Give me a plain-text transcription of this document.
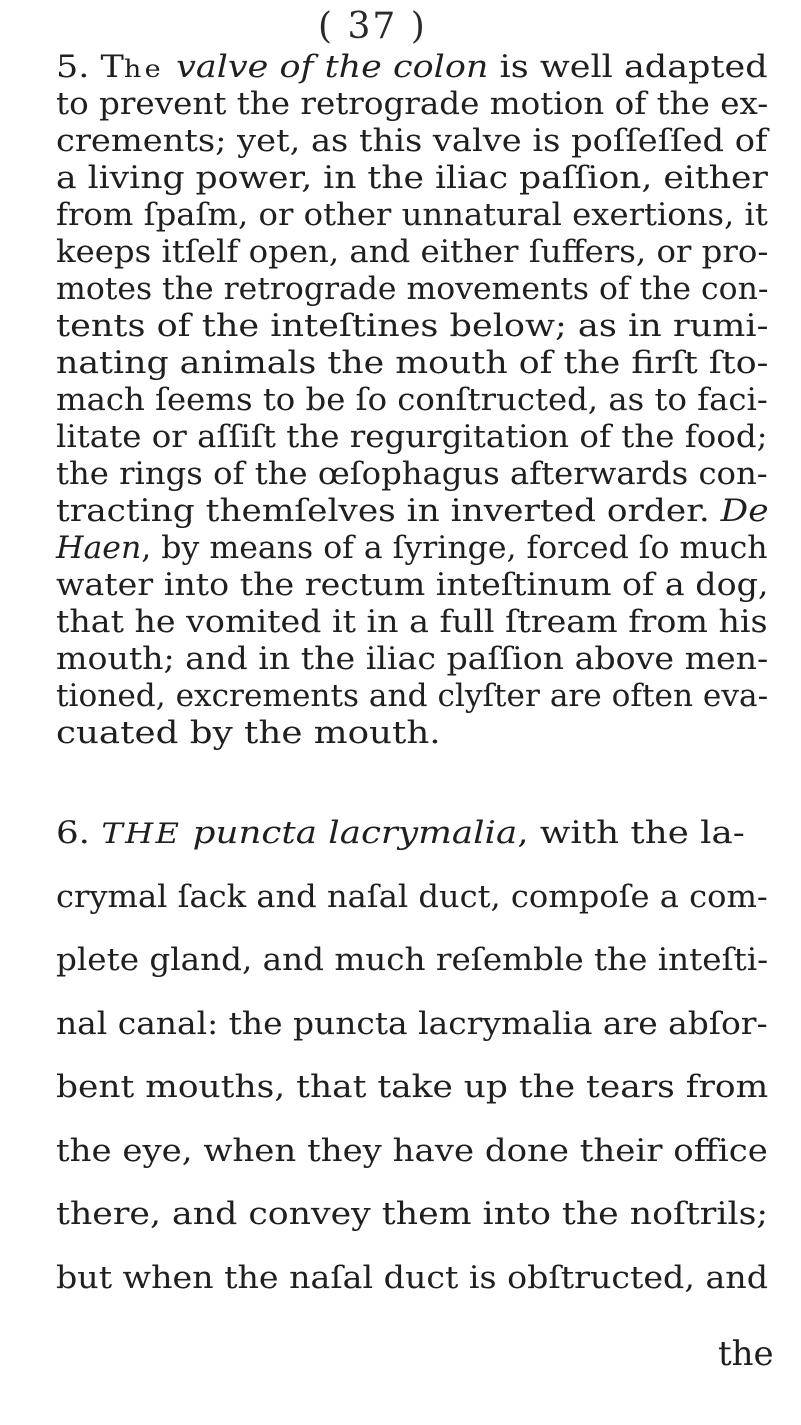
( 37 )
5. The valve of the colon is well adapted
to prevent the retrograde motion of the ex-
crements; yet, as this valve is poſſeſſed of
a living power, in the iliac paſſion, either
from ſpaſm, or other unnatural exertions, it
keeps itſelf open, and either ſuffers, or pro-
motes the retrograde movements of the con-
tents of the inteſtines below; as in rumi-
nating animals the mouth of the firſt ſto-
mach ſeems to be ſo conſtructed, as to faci-
litate or aſſiſt the regurgitation of the food;
the rings of the œſophagus afterwards con-
tracting themſelves in inverted order. De
Haen, by means of a ſyringe, forced ſo much
water into the rectum inteſtinum of a dog,
that he vomited it in a full ſtream from his
mouth; and in the iliac paſſion above men-
tioned, excrements and clyſter are often eva-
cuated by the mouth.
6. THE puncta lacrymalia, with the la-
crymal ſack and naſal duct, compoſe a com-
plete gland, and much reſemble the inteſti-
nal canal: the puncta lacrymalia are abſor-
bent mouths, that take up the tears from
the eye, when they have done their office
there, and convey them into the noſtrils;
but when the naſal duct is obſtructed, and
the
